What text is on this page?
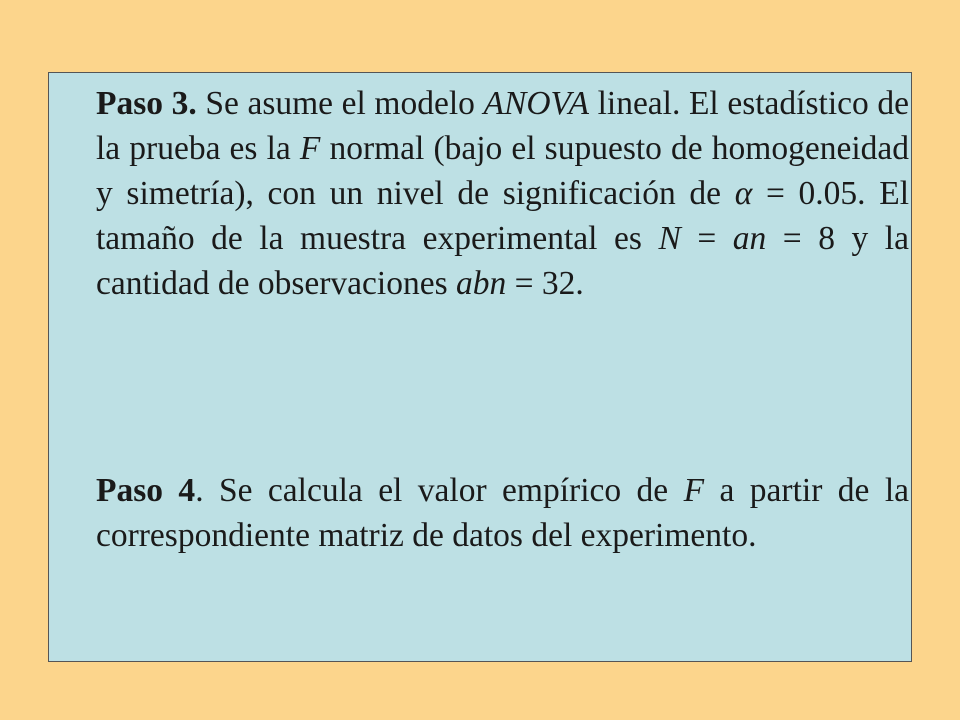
Paso 3. Se asume el modelo ANOVA lineal. El estadístico de la prueba es la F normal (bajo el supuesto de homogeneidad y simetría), con un nivel de significación de α = 0.05. El tamaño de la muestra experimental es N = an = 8 y la cantidad de observaciones abn = 32.

Paso 4. Se calcula el valor empírico de F a partir de la correspondiente matriz de datos del experimento.
